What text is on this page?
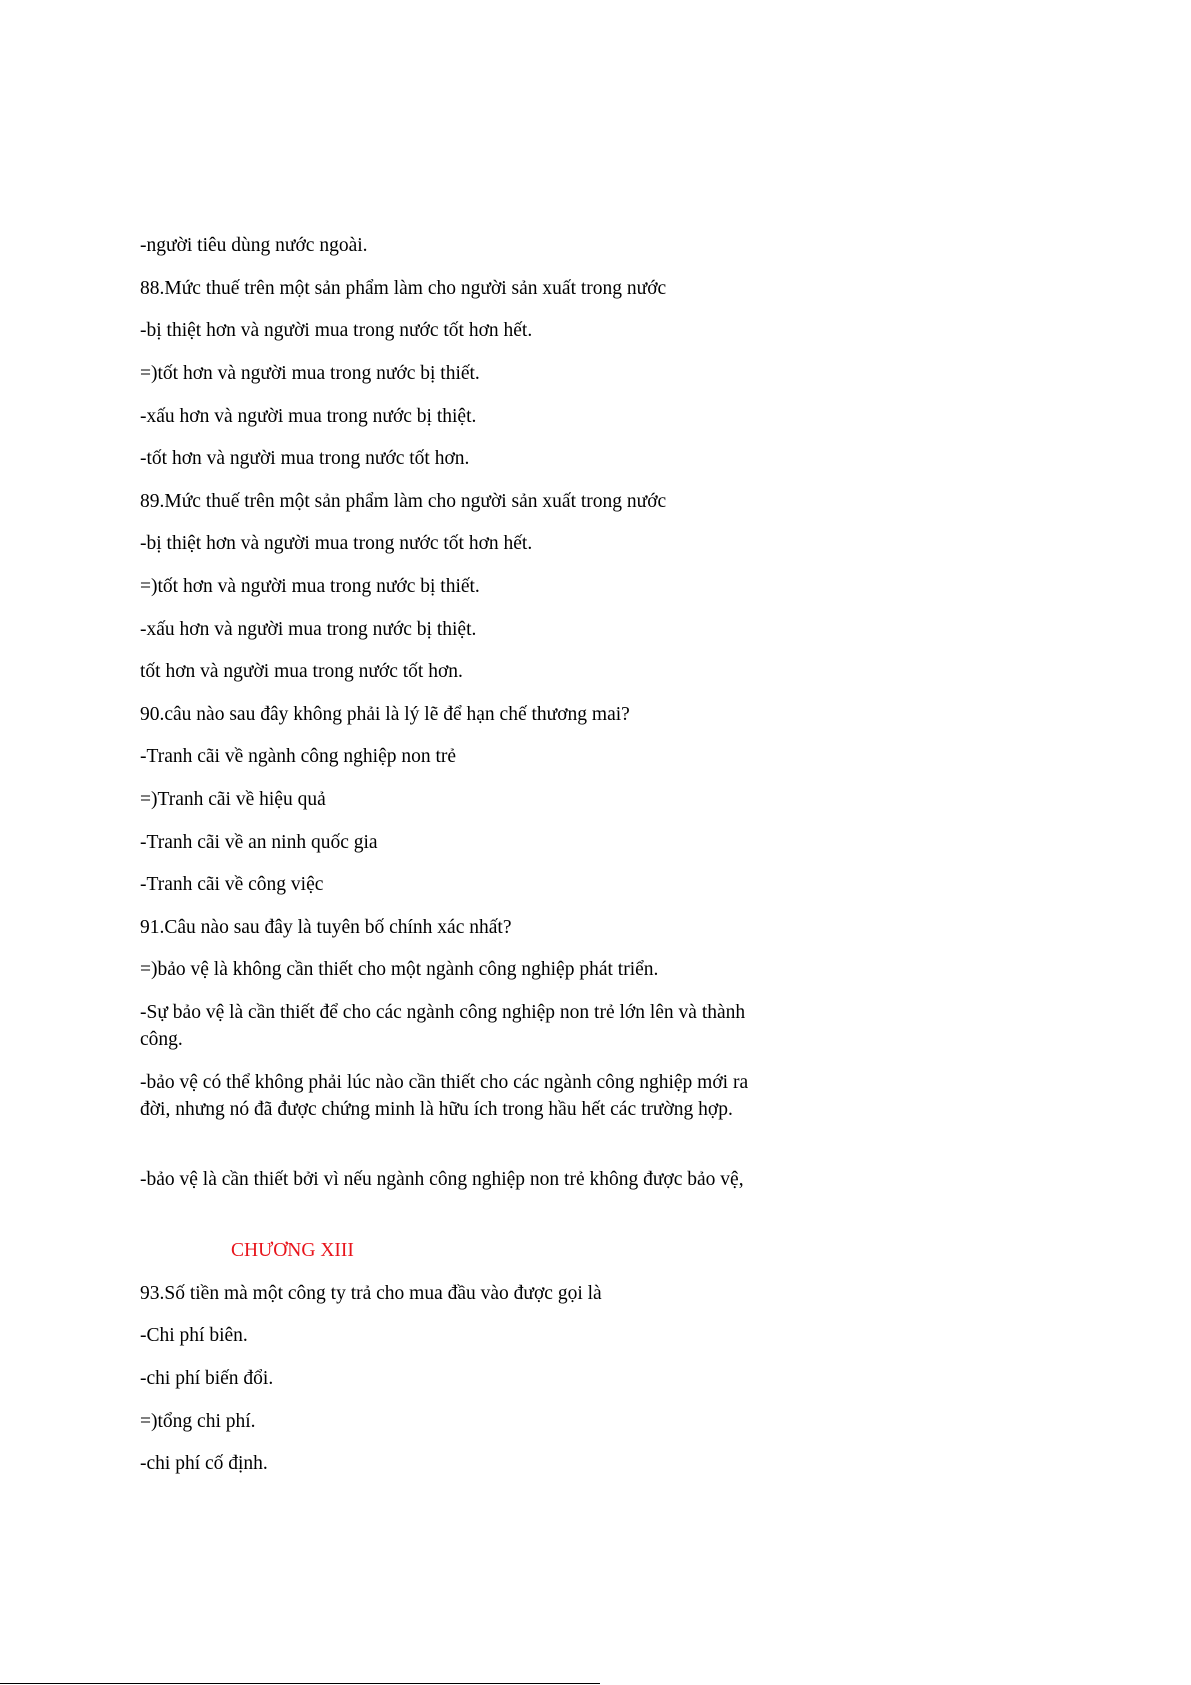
-người tiêu dùng nước ngoài.

88.Mức thuế trên một sản phẩm làm cho người sản xuất trong nước

-bị thiệt hơn và người mua trong nước tốt hơn hết.

=)tốt hơn và người mua trong nước bị thiết.

-xấu hơn và người mua trong nước bị thiệt.

-tốt hơn và người mua trong nước tốt hơn.

89.Mức thuế trên một sản phẩm làm cho người sản xuất trong nước

-bị thiệt hơn và người mua trong nước tốt hơn hết.

=)tốt hơn và người mua trong nước bị thiết.

-xấu hơn và người mua trong nước bị thiệt.

tốt hơn và người mua trong nước tốt hơn.

90.câu nào sau đây không phải là lý lẽ để hạn chế thương mai?

-Tranh cãi về ngành công nghiệp non trẻ

=)Tranh cãi về hiệu quả

-Tranh cãi về an ninh quốc gia

-Tranh cãi về công việc

91.Câu nào sau đây là tuyên bố chính xác nhất?

=)bảo vệ là không cần thiết cho một ngành công nghiệp phát triển.

-Sự bảo vệ là cần thiết để cho các ngành công nghiệp non trẻ lớn lên và thành công.

-bảo vệ có thể không phải lúc nào cần thiết cho các ngành công nghiệp mới ra đời, nhưng nó đã được chứng minh là hữu ích trong hầu hết các trường hợp.

-bảo vệ là cần thiết bởi vì nếu ngành công nghiệp non trẻ không được bảo vệ,

CHƯƠNG XIII

93.Số tiền mà một công ty trả cho mua đầu vào được gọi là

-Chi phí biên.

-chi phí biến đổi.

=)tổng chi phí.

-chi phí cố định.
